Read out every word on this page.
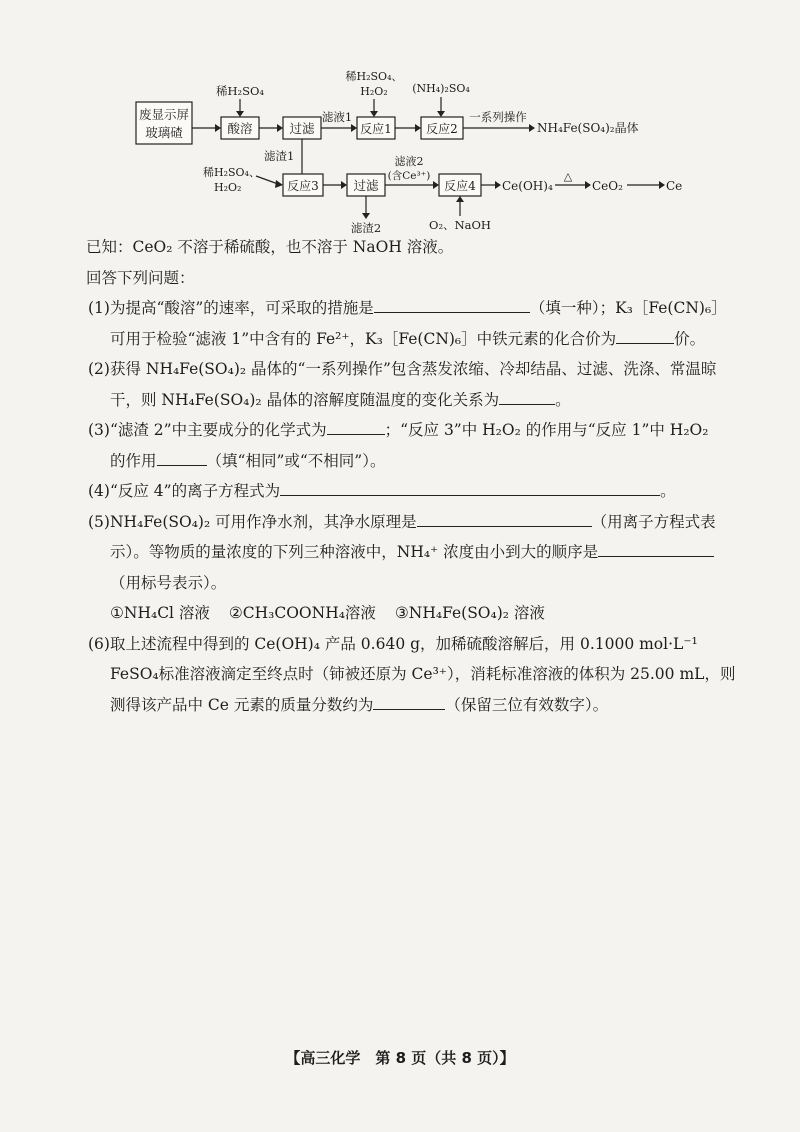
废显示屏
玻璃碴
稀H₂SO₄
酸溶	过滤
滤液1
稀H₂SO₄、
H₂O₂
反应1
(NH₄)₂SO₄
反应2
一系列操作
NH₄Fe(SO₄)₂晶体
滤渣1
稀H₂SO₄、
H₂O₂	反应3	过滤
滤液2
(含Ce³⁺)
滤渣2
反应4
O₂、NaOH
Ce(OH)₄
△
CeO₂	Ce
已知：CeO₂ 不溶于稀硫酸，也不溶于 NaOH 溶液。
回答下列问题：
(1)为提高“酸溶”的速率，可采取的措施是	（填一种）；K₃［Fe(CN)₆］
可用于检验“滤液 1”中含有的 Fe²⁺，K₃［Fe(CN)₆］中铁元素的化合价为	价。
(2)获得 NH₄Fe(SO₄)₂ 晶体的“一系列操作”包含蒸发浓缩、冷却结晶、过滤、洗涤、常温晾
干，则 NH₄Fe(SO₄)₂ 晶体的溶解度随温度的变化关系为	。
(3)“滤渣 2”中主要成分的化学式为	；“反应 3”中 H₂O₂ 的作用与“反应 1”中 H₂O₂
的作用	（填“相同”或“不相同”）。
(4)“反应 4”的离子方程式为	。
(5)NH₄Fe(SO₄)₂ 可用作净水剂，其净水原理是	（用离子方程式表
示）。等物质的量浓度的下列三种溶液中，NH₄⁺ 浓度由小到大的顺序是
（用标号表示）。
①NH₄Cl 溶液 ②CH₃COONH₄溶液 ③NH₄Fe(SO₄)₂ 溶液
(6)取上述流程中得到的 Ce(OH)₄ 产品 0.640 g，加稀硫酸溶解后，用 0.1000 mol·L⁻¹
FeSO₄标准溶液滴定至终点时（铈被还原为 Ce³⁺），消耗标准溶液的体积为 25.00 mL，则
测得该产品中 Ce 元素的质量分数约为	（保留三位有效数字）。
【高三化学　第 8 页（共 8 页）】
